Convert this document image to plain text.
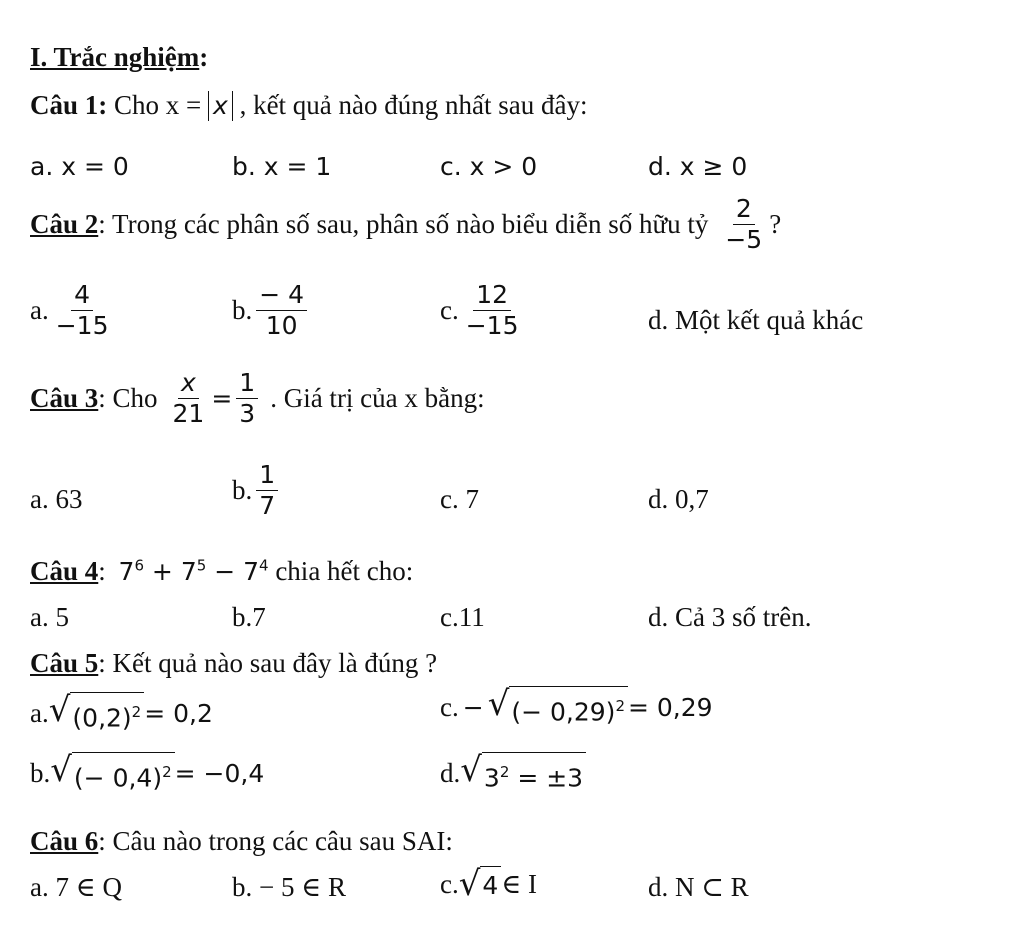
I. Trắc nghiệm:
Câu 1: Cho x = x , kết quả nào đúng nhất sau đây:
a. x = 0	b. x = 1	c. x > 0	d. x ≥ 0
Câu 2 : Trong các phân số sau, phân số nào biểu diễn số hữu tỷ $\frac{2}{-5}$ ?
a. $\frac{4}{-15}$	b. $\frac{- 4}{10}$	c. $\frac{12}{-15}$	d. Một kết quả khác
Câu 3 : Cho $\frac{x}{21} = \frac{1}{3}$ . Giá trị của x bằng:
a. 63	b. $\frac{1}{7}$	c. 7	d. 0,7
Câu 4: $7^6 + 7^5 - 7^4$ chia hết cho:
a. 5	b.7	c.11	d. Cả 3 số trên.
Câu 5: Kết quả nào sau đây là đúng ?
a. √ $(0,2)^2 = 0,2$	c. − √ (− 0,29)$^2$ = 0,29
b. √ (− 0,4)$^2$ = −0,4	d. √ $3^2 = \pm 3$
Câu 6: Câu nào trong các câu sau SAI:
a. 7 ∈ Q	b. − 5 ∈ R	c. √ 4 ∈ I	d. N ⊂ R
